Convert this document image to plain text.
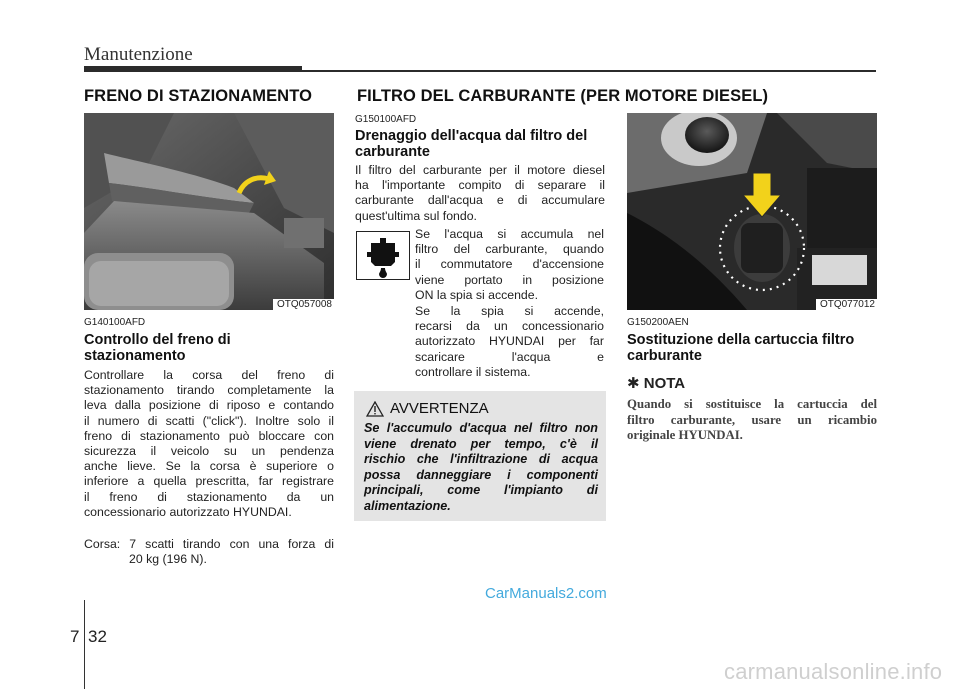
Manutenzione
FRENO DI STAZIONAMENTO	FILTRO DEL CARBURANTE (PER MOTORE DIESEL)
OTQ057008
G140100AFD
Controllo del freno di
stazionamento
Controllare la corsa del freno di
stazionamento tirando completamente la
leva dalla posizione di riposo e contando
il numero di scatti ("click"). Inoltre solo il
freno di stazionamento può bloccare con
sicurezza il veicolo su un pendenza
anche lieve. Se la corsa è superiore o
inferiore a quella prescritta, far registrare
il freno di stazionamento da un
concessionario autorizzato HYUNDAI.
Corsa: 7 scatti tirando con una forza di
20 kg (196 N).
G150100AFD
Drenaggio dell'acqua dal filtro del
carburante
Il filtro del carburante per il motore diesel
ha l'importante compito di separare il
carburante dall'acqua e di accumulare
quest'ultima sul fondo.
Se l'acqua si accumula nel
filtro del carburante, quando
il commutatore d'accensione
viene portato in posizione
ON la spia si accende.
Se la spia si accende,
recarsi da un concessionario
autorizzato HYUNDAI per far
scaricare l'acqua e
controllare il sistema.
AVVERTENZA
Se l'accumulo d'acqua nel filtro non
viene drenato per tempo, c'è il
rischio che l'infiltrazione di acqua
possa danneggiare i componenti
principali, come l'impianto di
alimentazione.
OTQ077012
G150200AEN
Sostituzione della cartuccia filtro
carburante
✱ NOTA
Quando si sostituisce la cartuccia del
filtro carburante, usare un ricambio
originale HYUNDAI.
CarManuals2.com
7 32
carmanualsonline.info
